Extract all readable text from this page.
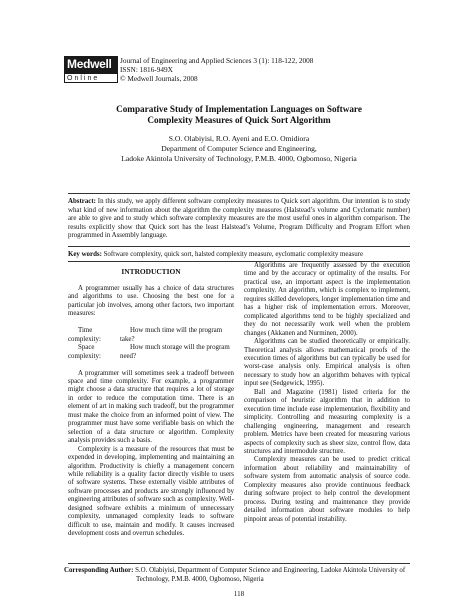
Medwell
Online
Journal of Engineering and Applied Sciences 3 (1): 118-122, 2008
ISSN: 1816-949X
© Medwell Journals, 2008
Comparative Study of Implementation Languages on Software
Complexity Measures of Quick Sort Algorithm
S.O. Olabiyisi, R.O. Ayeni and E.O. Omidiora
Department of Computer Science and Engineering,
Ladoke Akintola University of Technology, P.M.B. 4000, Ogbomoso, Nigeria
Abstract: In this study, we apply different software complexity measures to Quick sort algorithm. Our intention is to study what kind of new information about the algorithm the complexity measures (Halstead’s volume and Cyclomatic number) are able to give and to study which software complexity measures are the most useful ones in algorithm comparison. The results explicitly show that Quick sort has the least Halstead’s Volume, Program Difficulty and Program Effort when programmed in Assembly language.
Key words: Software complexity, quick sort, halsted complexity measure, eyclomatic complexity measure

INTRODUCTION

A programmer usually has a choice of data structures and algorithms to use. Choosing the best one for a particular job involves, among other factors, two important measures:

Time complexity:
How much time will the program take?

Space complexity:
How much storage will the program need?

A programmer will sometimes seek a tradeoff between space and time complexity. For example, a programmer might choose a data structure that requires a lot of storage in order to reduce the computation time. There is an element of art in making such tradeoff, but the programmer must make the choice from an informed point of view. The programmer must have some verifiable basis on which the selection of a data structure or algorithm. Complexity analysis provides such a basis.

Complexity is a measure of the resources that must be expended in developing, implementing and maintaining an algorithm. Productivity is chiefly a management concern while reliability is a quality factor directly visible to users of software systems. These externally visible attributes of software processes and products are strongly influenced by engineering attributes of software such as complexity. Well-designed software exhibits a minimum of unnecessary complexity, unmanaged complexity leads to software difficult to use, maintain and modify. It causes increased development costs and overrun schedules.

Algorithms are frequently assessed by the execution time and by the accuracy or optimality of the results. For practical use, an important aspect is the implementation complexity. An algorithm, which is complex to implement, requires skilled developers, longer implementation time and has a higher risk of implementation errors. Moreover, complicated algorithms tend to be highly specialized and they do not necessarily work well when the problem changes (Akkanen and Nurminen, 2000).

Algorithms can be studied theoretically or empirically. Theoretical analysis allows mathematical proofs of the execution times of algorithms but can typically be used for worst-case analysis only. Empirical analysis is often necessary to study how an algorithm behaves with typical input see (Sedgewick, 1995).

Ball and Magazine (1981) listed criteria for the comparison of heuristic algorithm that in addition to execution time include ease implementation, flexibility and simplicity. Controlling and measuring complexity is a challenging engineering, management and research problem. Metrics have been created for measuring various aspects of complexity such as sheer size, control flow, data structures and intermodule structure.

Complexity measures can be used to predict critical information about reliability and maintainability of software system from automatic analysis of source code. Complexity measures also provide continuous feedback during software project to help control the development process. During testing and maintenance they provide detailed information about software modules to help pinpoint areas of potential instability.

Corresponding Author: S.O. Olabiyisi, Department of Computer Science and Engineering, Ladoke Akintola University of
Technology, P.M.B. 4000, Ogbomoso, Nigeria
118
